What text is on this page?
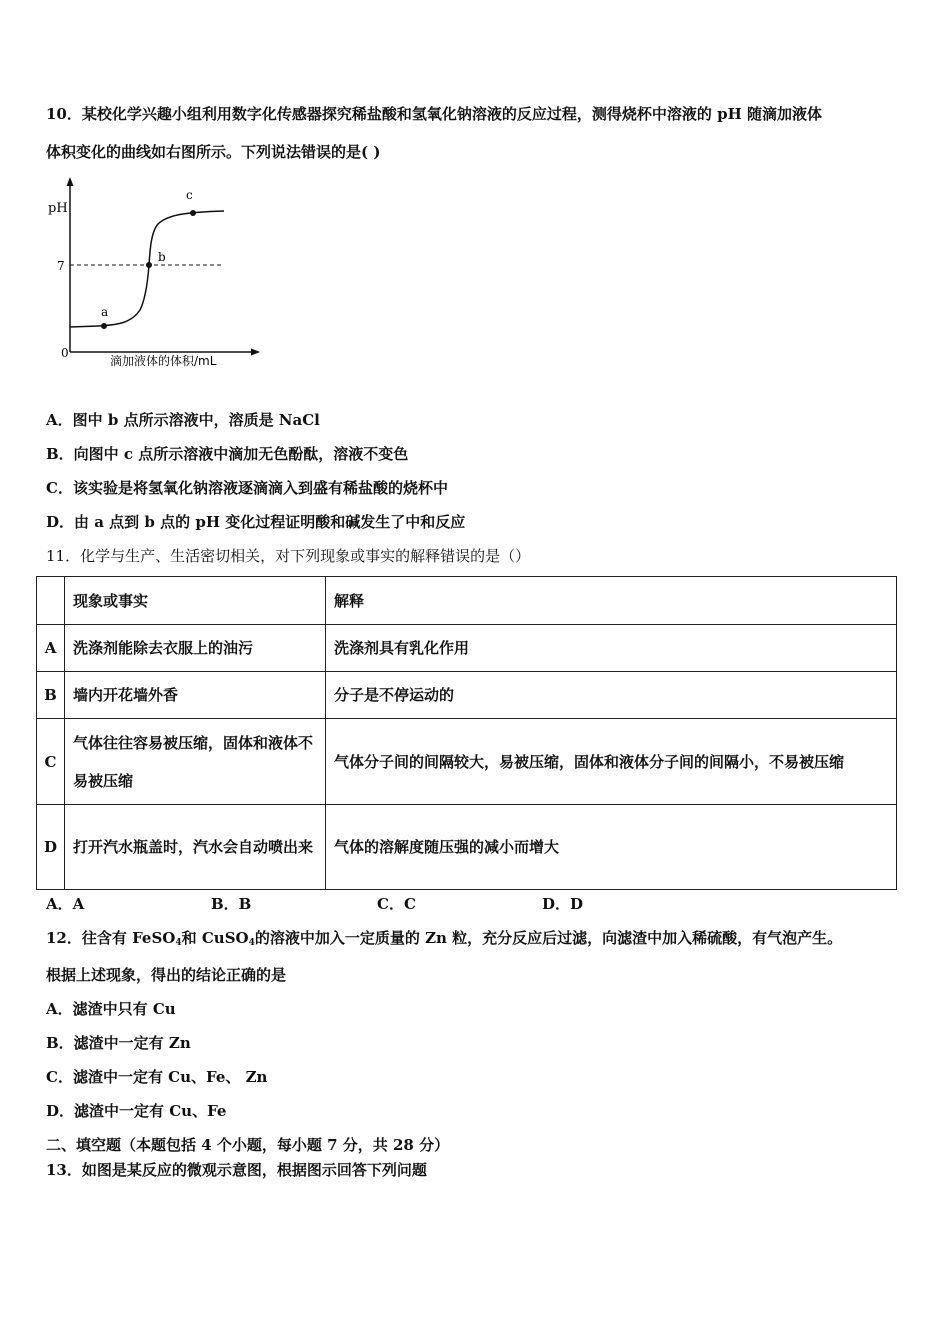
10．某校化学兴趣小组利用数字化传感器探究稀盐酸和氢氧化钠溶液的反应过程，测得烧杯中溶液的 pH 随滴加液体
体积变化的曲线如右图所示。下列说法错误的是( )
pH
7
0
滴加液体的体积/mL
a
b
c
A．图中 b 点所示溶液中，溶质是 NaCl
B．向图中 c 点所示溶液中滴加无色酚酞，溶液不变色
C．该实验是将氢氧化钠溶液逐滴滴入到盛有稀盐酸的烧杯中
D．由 a 点到 b 点的 pH 变化过程证明酸和碱发生了中和反应
11．化学与生产、生活密切相关，对下列现象或事实的解释错误的是（）
	现象或事实	解释
A	洗涤剂能除去衣服上的油污	洗涤剂具有乳化作用
B	墙内开花墙外香	分子是不停运动的
C	气体往往容易被压缩，固体和液体不易被压缩	气体分子间的间隔较大，易被压缩，固体和液体分子间的间隔小，不易被压缩
D	打开汽水瓶盖时，汽水会自动喷出来	气体的溶解度随压强的减小而增大
A．A	B．B	C．C	D．D
12．往含有 FeSO$_4$和 CuSO$_4$的溶液中加入一定质量的 Zn 粒，充分反应后过滤，向滤渣中加入稀硫酸，有气泡产生。
根据上述现象，得出的结论正确的是
A．滤渣中只有 Cu
B．滤渣中一定有 Zn
C．滤渣中一定有 Cu、Fe、 Zn
D．滤渣中一定有 Cu、Fe
二、填空题（本题包括 4 个小题，每小题 7 分，共 28 分）
13．如图是某反应的微观示意图，根据图示回答下列问题
